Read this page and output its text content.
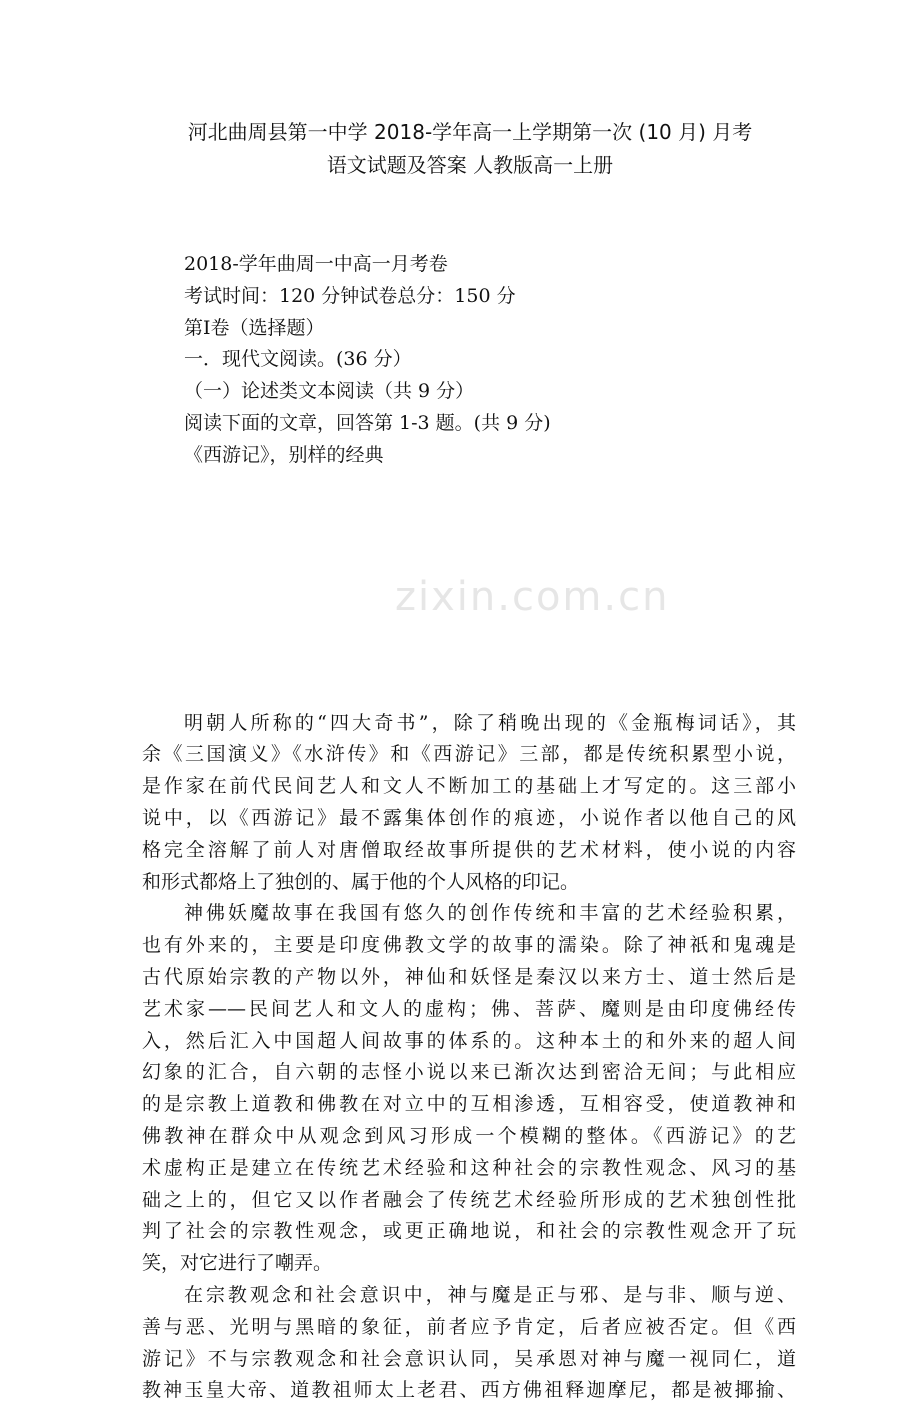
zixin.com.cn
河北曲周县第一中学 2018-学年高一上学期第一次 (10 月) 月考
语文试题及答案 人教版高一上册
2018-学年曲周一中高一月考卷
考试时间：120 分钟试卷总分：150 分
第Ⅰ卷（选择题）
一．现代文阅读。(36 分）
（一）论述类文本阅读（共 9 分）
阅读下面的文章，回答第 1-3 题。(共 9 分)
《西游记》，别样的经典
明朝人所称的“四大奇书”，除了稍晚出现的《金瓶梅词话》，其
余《三国演义》《水浒传》和《西游记》三部，都是传统积累型小说，
是作家在前代民间艺人和文人不断加工的基础上才写定的。这三部小
说中，以《西游记》最不露集体创作的痕迹，小说作者以他自己的风
格完全溶解了前人对唐僧取经故事所提供的艺术材料，使小说的内容
和形式都烙上了独创的、属于他的个人风格的印记。
神佛妖魔故事在我国有悠久的创作传统和丰富的艺术经验积累，
也有外来的，主要是印度佛教文学的故事的濡染。除了神祇和鬼魂是
古代原始宗教的产物以外，神仙和妖怪是秦汉以来方士、道士然后是
艺术家——民间艺人和文人的虚构；佛、菩萨、魔则是由印度佛经传
入，然后汇入中国超人间故事的体系的。这种本土的和外来的超人间
幻象的汇合，自六朝的志怪小说以来已渐次达到密洽无间；与此相应
的是宗教上道教和佛教在对立中的互相渗透，互相容受，使道教神和
佛教神在群众中从观念到风习形成一个模糊的整体。《西游记》的艺
术虚构正是建立在传统艺术经验和这种社会的宗教性观念、风习的基
础之上的，但它又以作者融会了传统艺术经验所形成的艺术独创性批
判了社会的宗教性观念，或更正确地说，和社会的宗教性观念开了玩
笑，对它进行了嘲弄。
在宗教观念和社会意识中，神与魔是正与邪、是与非、顺与逆、
善与恶、光明与黑暗的象征，前者应予肯定，后者应被否定。但《西
游记》不与宗教观念和社会意识认同，吴承恩对神与魔一视同仁，道
教神玉皇大帝、道教祖师太上老君、西方佛祖释迦摩尼，都是被揶揄、
